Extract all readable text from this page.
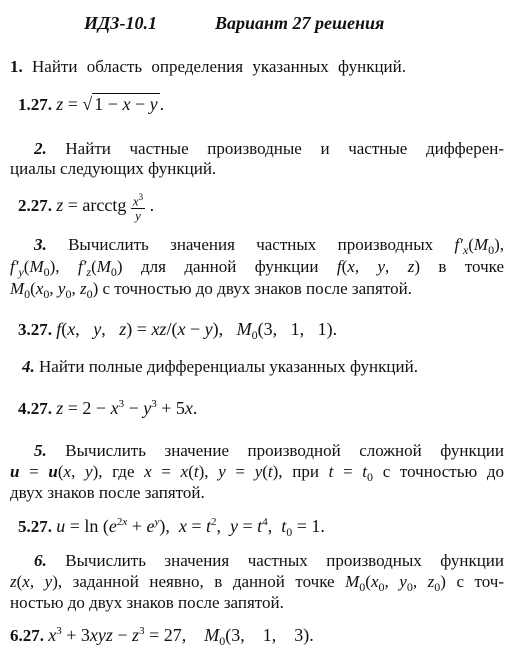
ИДЗ-10.1	Вариант 27 решения
1. Найти область определения указанных функций.
1.27. z = √ 1 − x − y .
2. Найти частные производные и частные дифферен-
циалы следующих функций.
2.27. z = arcctg $\frac{x^3}{y}$ .
3. Вычислить значения частных производных $f'_x(M_0)$,
$f'_y(M_0)$, $f'_z(M_0)$ для данной функции f(x, y, z) в точке
$M_0(x_0$, $y_0$, $z_0$) с точностью до двух знаков после запятой.
3.27. f(x,   y,   z) = xz/(x − y),   $M_0(3$,   1,   1).
4. Найти полные дифференциалы указанных функций.
4.27. $z = 2 - x^3 - y^3 + 5x$.
5. Вычислить значение производной сложной функции
u = u(x, y), где x = x(t), y = y(t), при $t = t_0$ с точностью до
двух знаков после запятой.
5.27. $u = \ln (e^{2x} + e^y)$,  $x = t^2$,  $y = t^4$,  $t_0 = 1$.
6. Вычислить значения частных производных функции
z(x, y), заданной неявно, в данной точке $M_0(x_0$, $y_0$, $z_0$) с точ-
ностью до двух знаков после запятой.
6.27. $x^3 + 3xyz - z^3 = 27$,    $M_0(3$,    1,    3).
